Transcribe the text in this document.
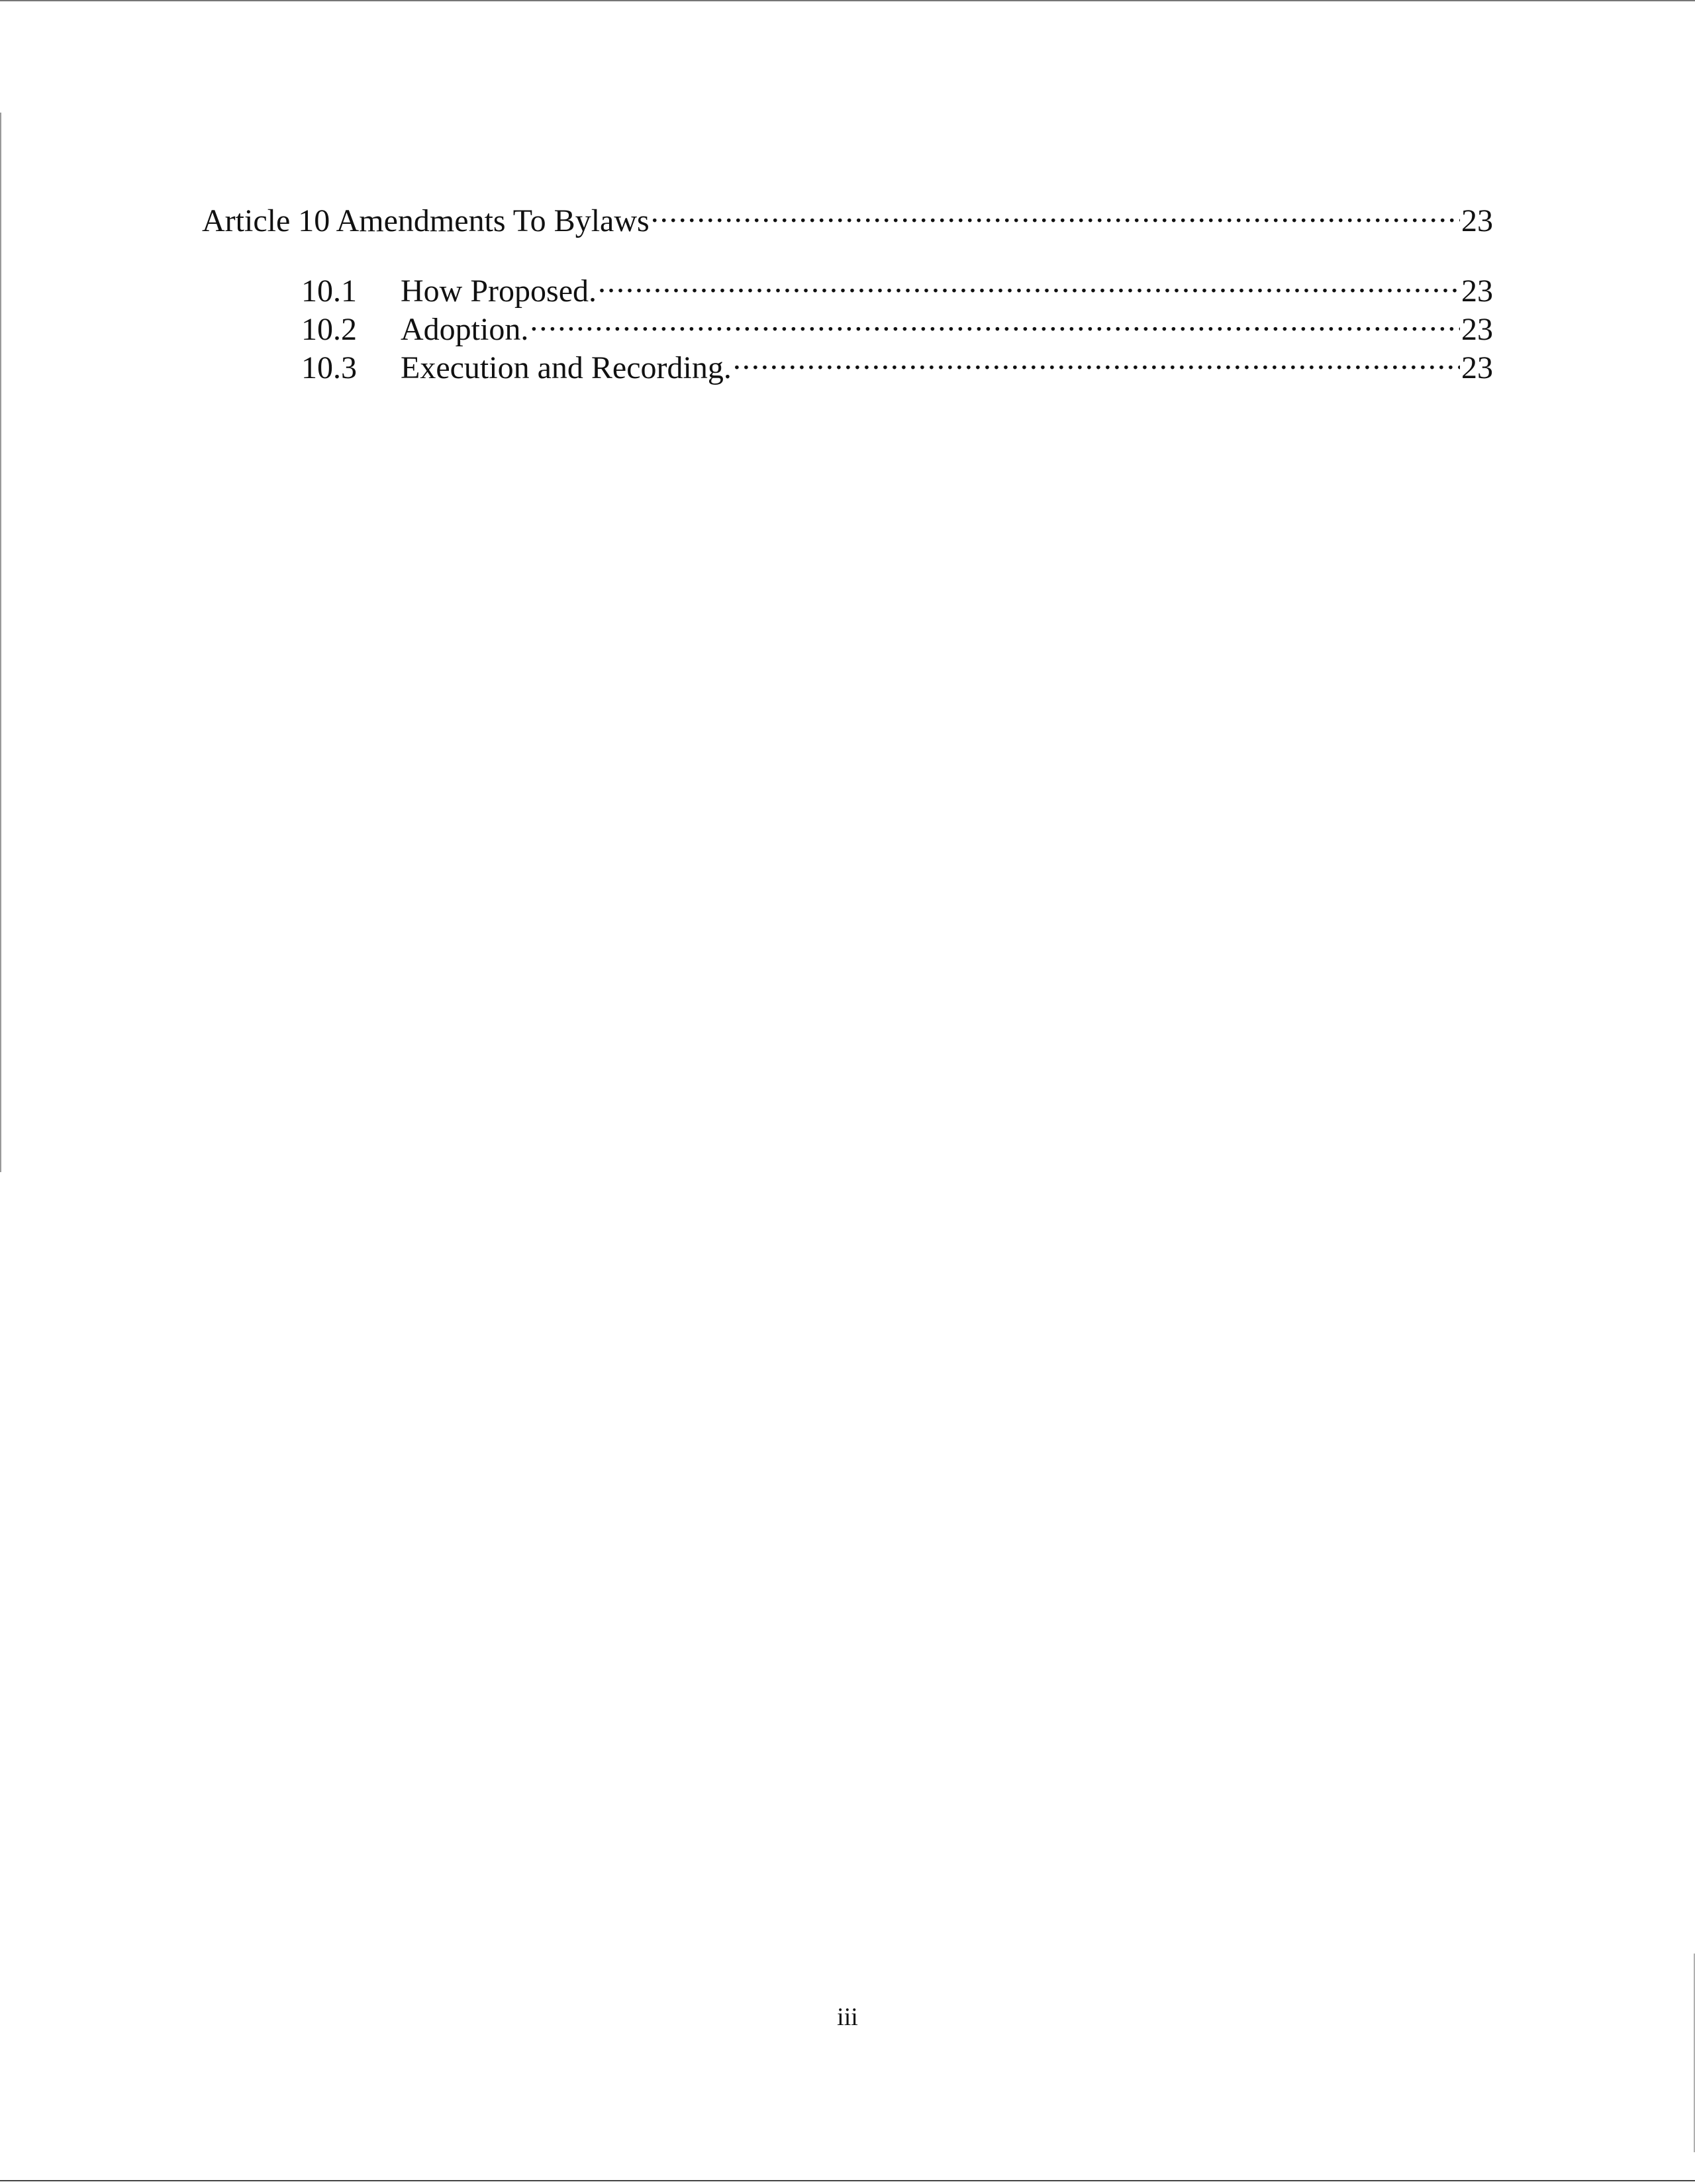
Article 10 Amendments To Bylaws .....	23
10.1	How Proposed. .....	23
10.2	Adoption. .....	23
10.3	Execution and Recording. .....	23
iii
